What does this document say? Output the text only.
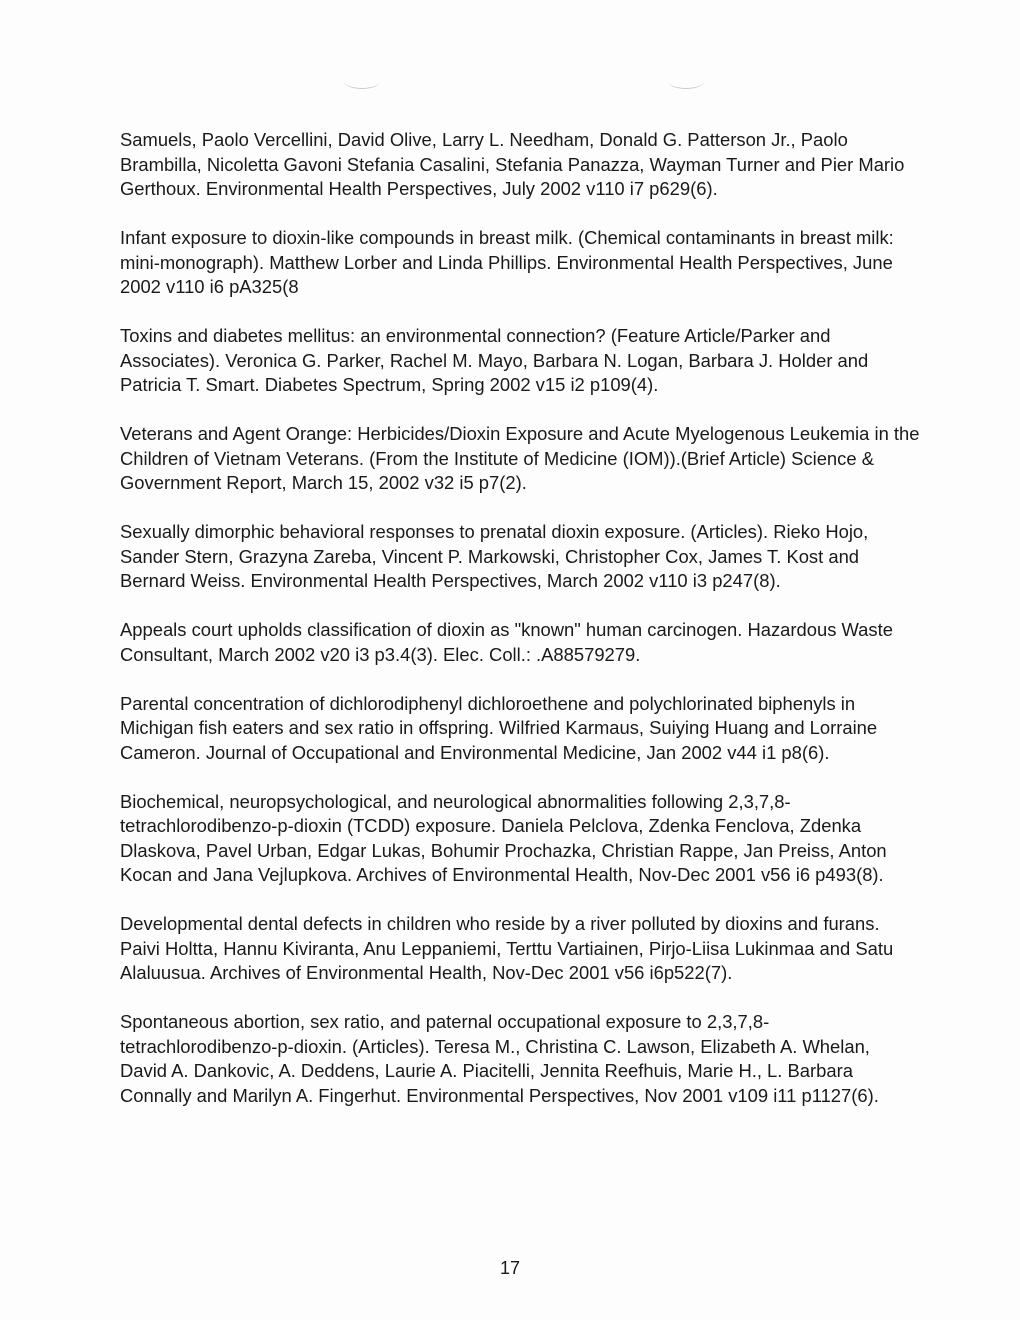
Samuels, Paolo Vercellini, David Olive, Larry L. Needham, Donald G. Patterson Jr., Paolo Brambilla, Nicoletta Gavoni Stefania Casalini, Stefania Panazza, Wayman Turner and Pier Mario Gerthoux. Environmental Health Perspectives, July 2002 v110 i7 p629(6).

Infant exposure to dioxin-like compounds in breast milk. (Chemical contaminants in breast milk: mini-monograph). Matthew Lorber and Linda Phillips. Environmental Health Perspectives, June 2002 v110 i6 pA325(8

Toxins and diabetes mellitus: an environmental connection? (Feature Article/Parker and Associates). Veronica G. Parker, Rachel M. Mayo, Barbara N. Logan, Barbara J. Holder and Patricia T. Smart. Diabetes Spectrum, Spring 2002 v15 i2 p109(4).

Veterans and Agent Orange: Herbicides/Dioxin Exposure and Acute Myelogenous Leukemia in the Children of Vietnam Veterans. (From the Institute of Medicine (IOM)).(Brief Article) Science & Government Report, March 15, 2002 v32 i5 p7(2).

Sexually dimorphic behavioral responses to prenatal dioxin exposure. (Articles). Rieko Hojo, Sander Stern, Grazyna Zareba, Vincent P. Markowski, Christopher Cox, James T. Kost and Bernard Weiss. Environmental Health Perspectives, March 2002 v110 i3 p247(8).

Appeals court upholds classification of dioxin as "known" human carcinogen. Hazardous Waste Consultant, March 2002 v20 i3 p3.4(3). Elec. Coll.: .A88579279.

Parental concentration of dichlorodiphenyl dichloroethene and polychlorinated biphenyls in Michigan fish eaters and sex ratio in offspring. Wilfried Karmaus, Suiying Huang and Lorraine Cameron. Journal of Occupational and Environmental Medicine, Jan 2002 v44 i1 p8(6).

Biochemical, neuropsychological, and neurological abnormalities following 2,3,7,8-tetrachlorodibenzo-p-dioxin (TCDD) exposure. Daniela Pelclova, Zdenka Fenclova, Zdenka Dlaskova, Pavel Urban, Edgar Lukas, Bohumir Prochazka, Christian Rappe, Jan Preiss, Anton Kocan and Jana Vejlupkova. Archives of Environmental Health, Nov-Dec 2001 v56 i6 p493(8).

Developmental dental defects in children who reside by a river polluted by dioxins and furans. Paivi Holtta, Hannu Kiviranta, Anu Leppaniemi, Terttu Vartiainen, Pirjo-Liisa Lukinmaa and Satu Alaluusua. Archives of Environmental Health, Nov-Dec 2001 v56 i6p522(7).

Spontaneous abortion, sex ratio, and paternal occupational exposure to 2,3,7,8-tetrachlorodibenzo-p-dioxin. (Articles). Teresa M., Christina C. Lawson, Elizabeth A. Whelan, David A. Dankovic, A. Deddens, Laurie A. Piacitelli, Jennita Reefhuis, Marie H., L. Barbara Connally and Marilyn A. Fingerhut. Environmental Perspectives, Nov 2001 v109 i11 p1127(6).

17
